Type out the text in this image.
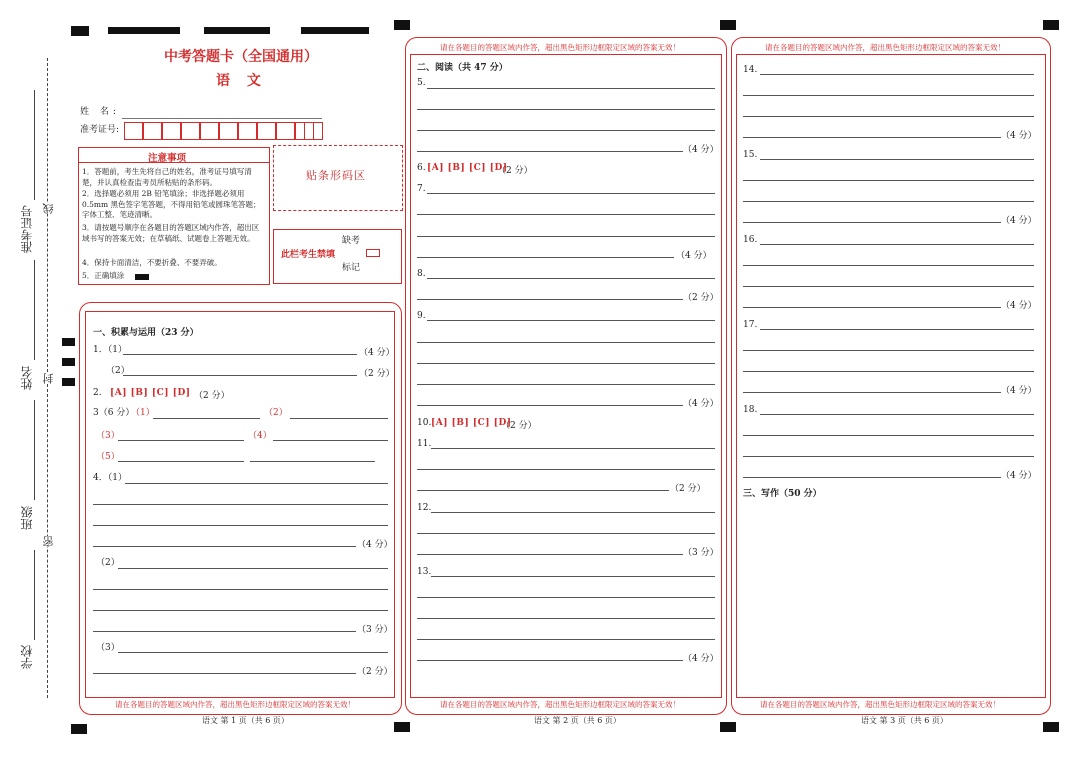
准考证号
姓名
班级
学校
线
封
密
中考答题卡（全国通用）
语 文
姓 名:
准考证号:
注意事项
1．答题前，考生先将自己的姓名，准考证号填写清楚，并认真检查监考员所粘贴的条形码。
2．选择题必须用 2B 铅笔填涂；非选择题必须用 0.5mm 黑色签字笔答题，不得用铅笔或圆珠笔答题；字体工整、笔迹清晰。
3．请按题号顺序在各题目的答题区域内作答，超出区域书写的答案无效；在草稿纸、试题卷上答题无效。
4．保持卡面清洁，不要折叠、不要弄破。
5．正确填涂
贴条形码区
此栏考生禁填
缺考
标记
一、积累与运用（23 分）
1．（1）	（4 分）
（2）	（2 分）
2. [A] [B] [C] [D] （2 分）
3（6 分）
（1）	（2）
（3）	（4）
（5）
4．（1）
（4 分）
（2）
（3 分）
（3）
（2 分）
请在各题目的答题区域内作答，超出黑色矩形边框限定区域的答案无效！
语文 第 1 页（共 6 页）
请在各题目的答题区域内作答，超出黑色矩形边框限定区域的答案无效！
二、阅读（共 47 分）
5.
（4 分）
6. [A] [B] [C] [D]
（2 分）
7.
（4 分）
8.
（2 分）
9.
（4 分）
10. [A] [B] [C] [D]
（2 分）
11.
（2 分）
12.
（3 分）
13.
（4 分）
请在各题目的答题区域内作答，超出黑色矩形边框限定区域的答案无效！
语文 第 2 页（共 6 页）
请在各题目的答题区域内作答，超出黑色矩形边框限定区域的答案无效！
14.
（4 分）
15.
（4 分）
16.
（4 分）
17.
（4 分）
18.
（4 分）
三、写作（50 分）
请在各题目的答题区域内作答，超出黑色矩形边框限定区域的答案无效！
语文 第 3 页（共 6 页）
